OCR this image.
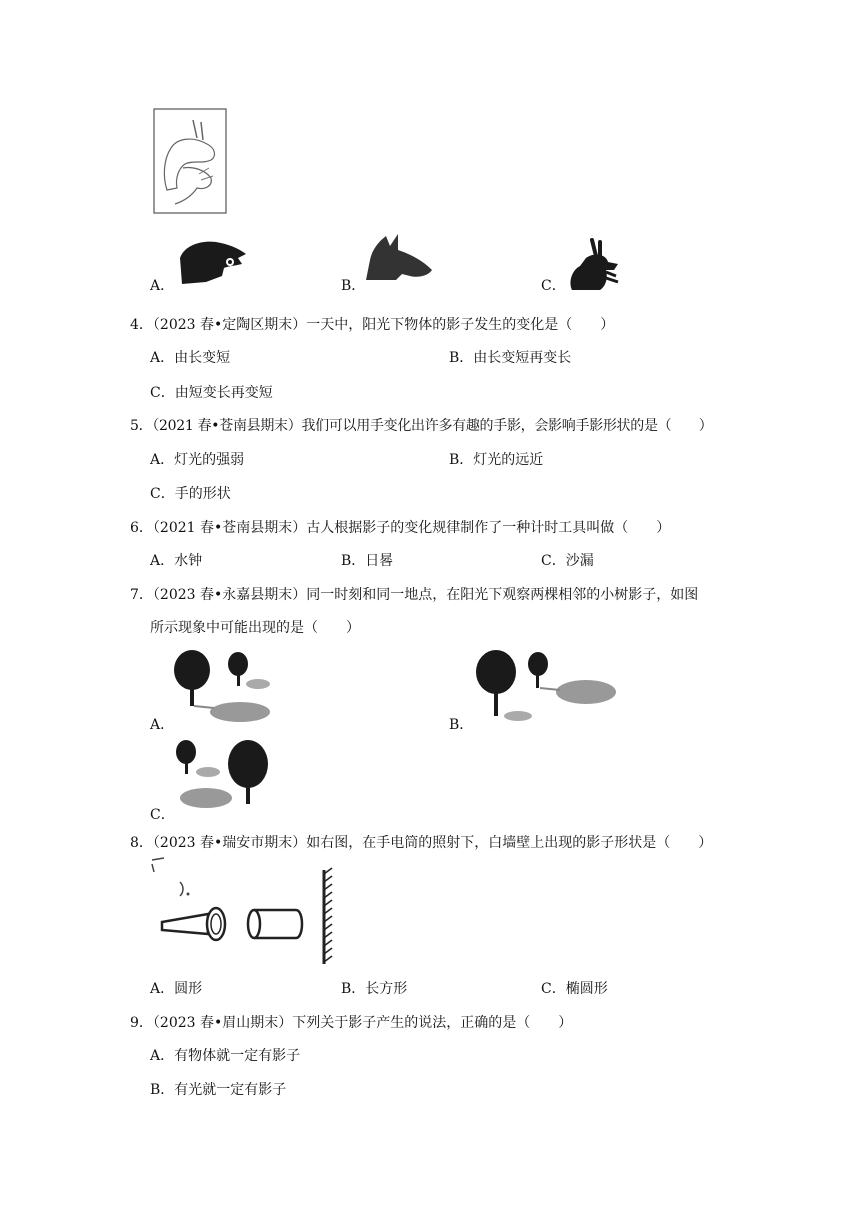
A．	B．	C．
4．（2023 春•定陶区期末）一天中，阳光下物体的影子发生的变化是（　　）
A．由长变短	B．由长变短再变长
C．由短变长再变短
5．（2021 春•苍南县期末）我们可以用手变化出许多有趣的手影，会影响手影形状的是（　　）
A．灯光的强弱	B．灯光的远近
C．手的形状
6．（2021 春•苍南县期末）古人根据影子的变化规律制作了一种计时工具叫做（　　）
A．水钟	B．日晷	C．沙漏
7．（2023 春•永嘉县期末）同一时刻和同一地点，在阳光下观察两棵相邻的小树影子，如图
所示现象中可能出现的是（　　）
A．	B．
C．
8．（2023 春•瑞安市期末）如右图，在手电筒的照射下，白墙壁上出现的影子形状是（　　）
A．圆形	B．长方形	C．椭圆形
9．（2023 春•眉山期末）下列关于影子产生的说法，正确的是（　　）
A．有物体就一定有影子
B．有光就一定有影子
